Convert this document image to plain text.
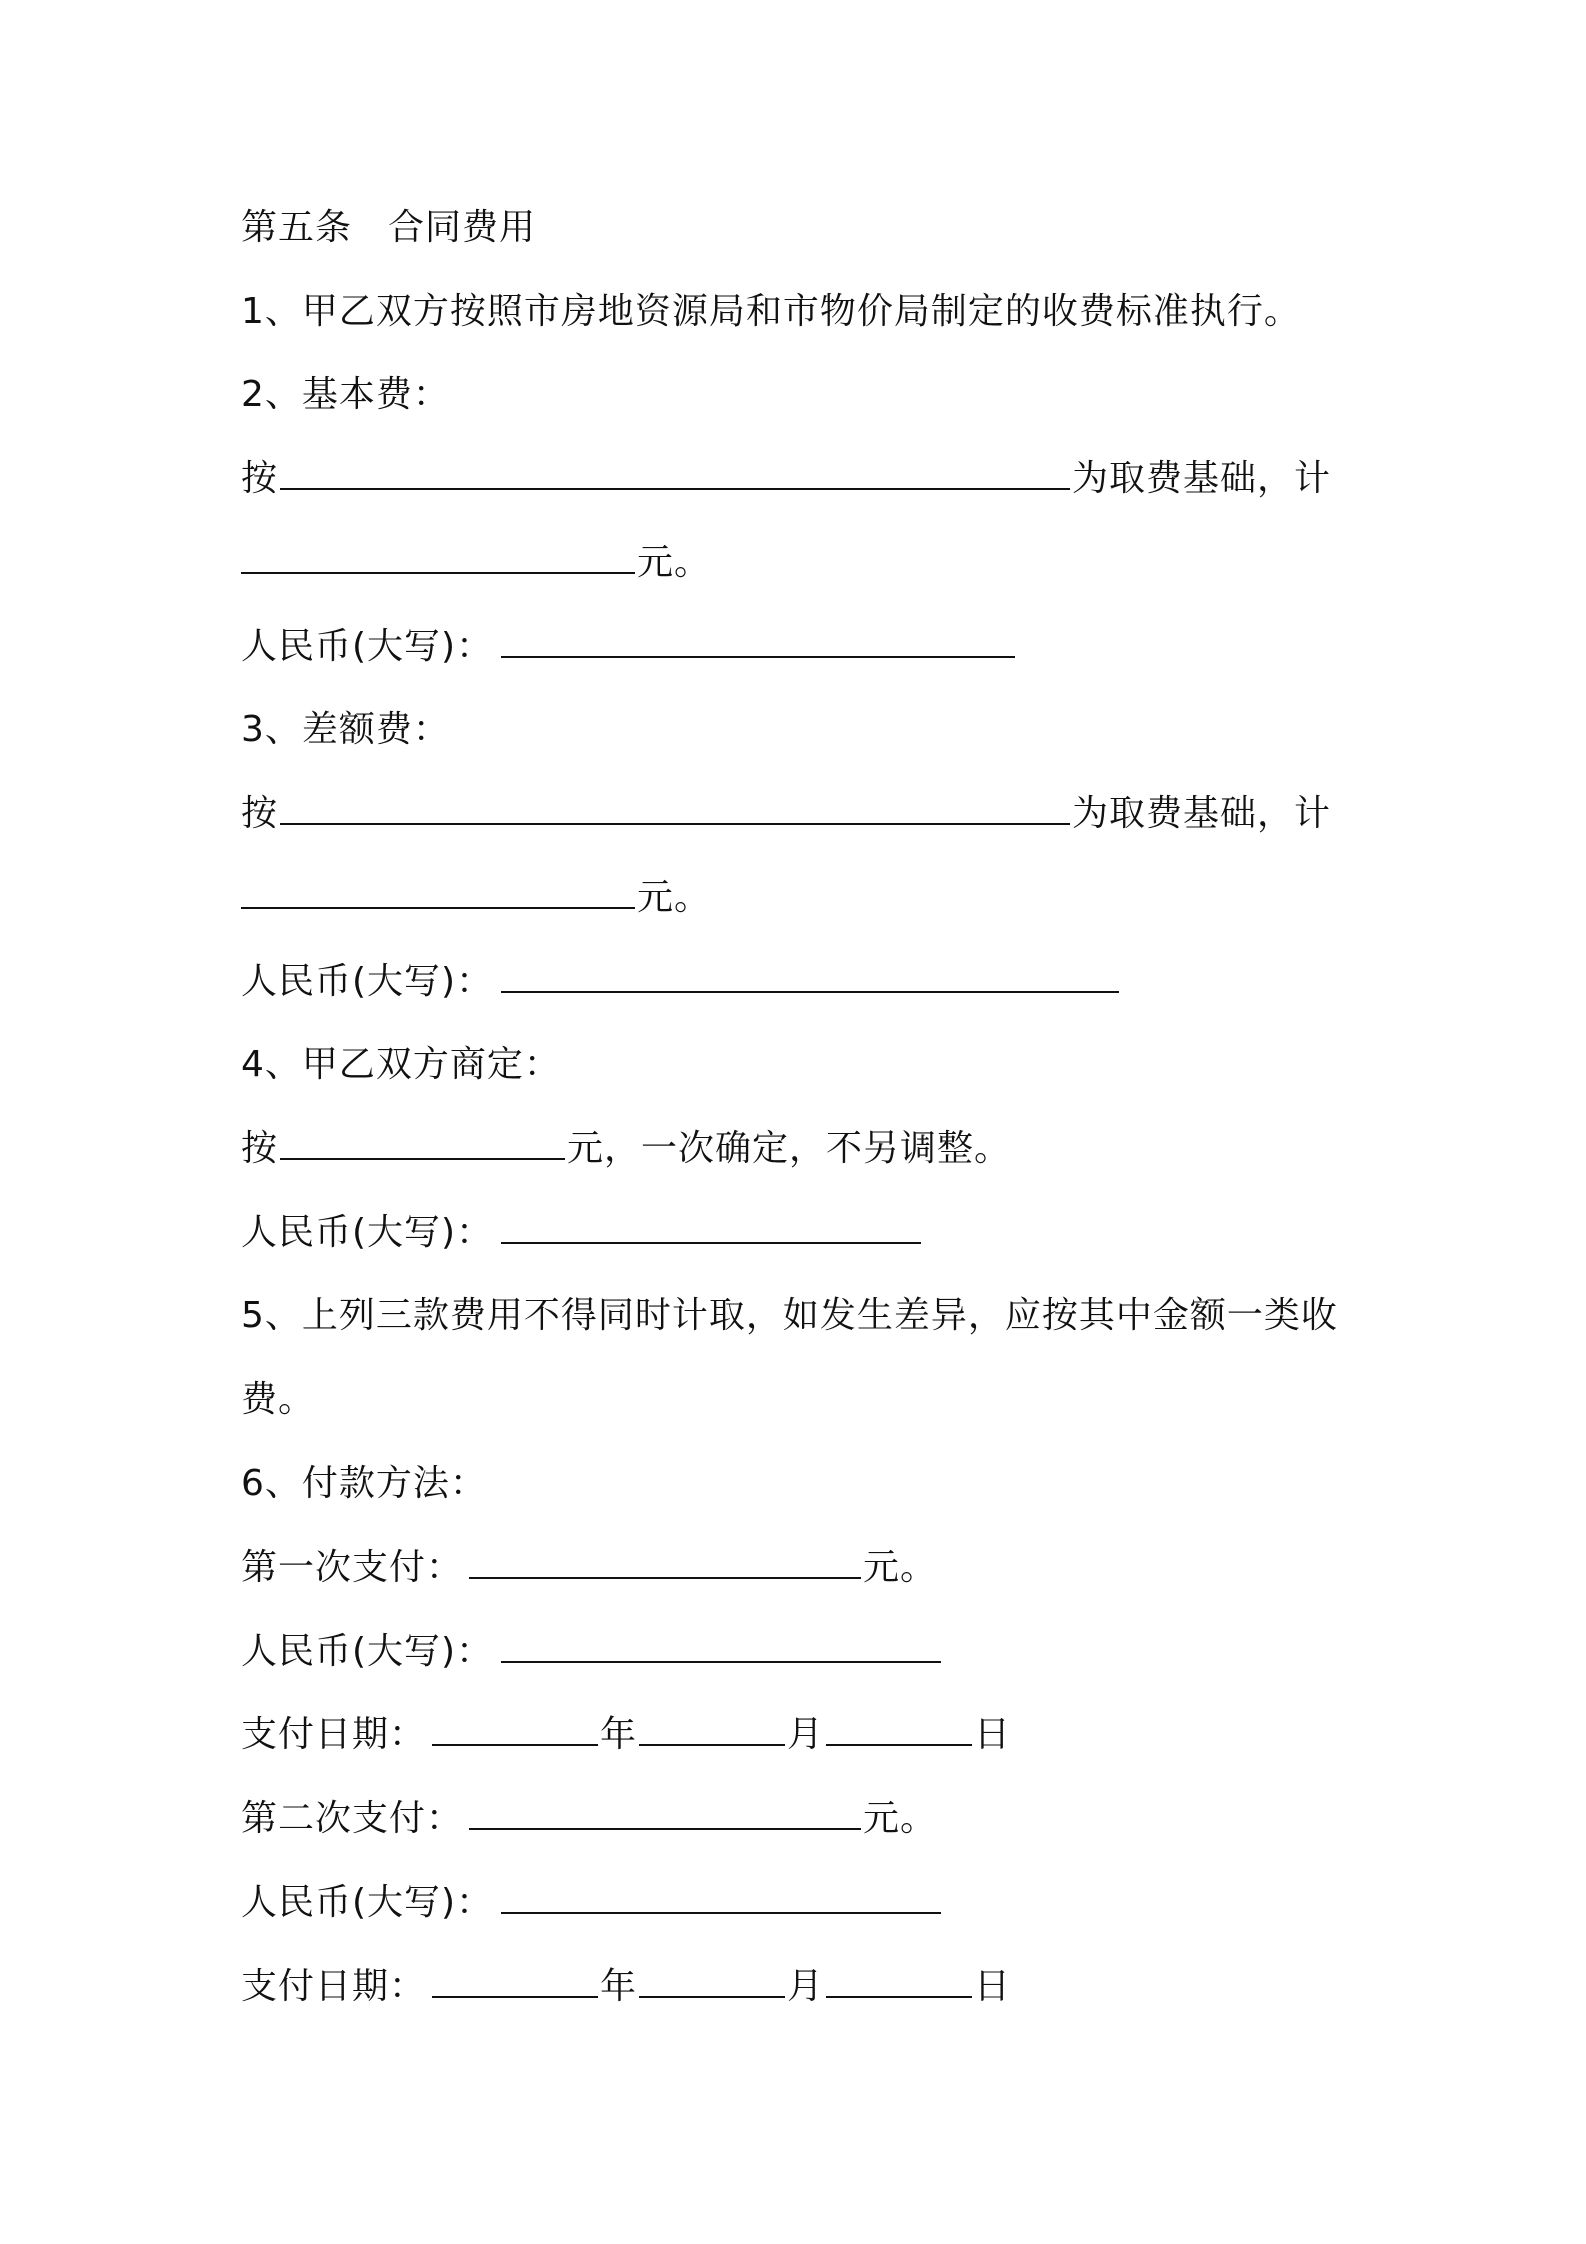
第五条 合同费用
1、甲乙双方按照市房地资源局和市物价局制定的收费标准执行。
2、基本费：
按	为取费基础，计
元。
人民币(大写)：
3、差额费：
按	为取费基础，计
元。
人民币(大写)：
4、甲乙双方商定：
按	元，一次确定，不另调整。
人民币(大写)：
5、上列三款费用不得同时计取，如发生差异，应按其中金额一类收
费。
6、付款方法：
第一次支付：	元。
人民币(大写)：
支付日期：	年	月	日
第二次支付：	元。
人民币(大写)：
支付日期：	年	月	日
